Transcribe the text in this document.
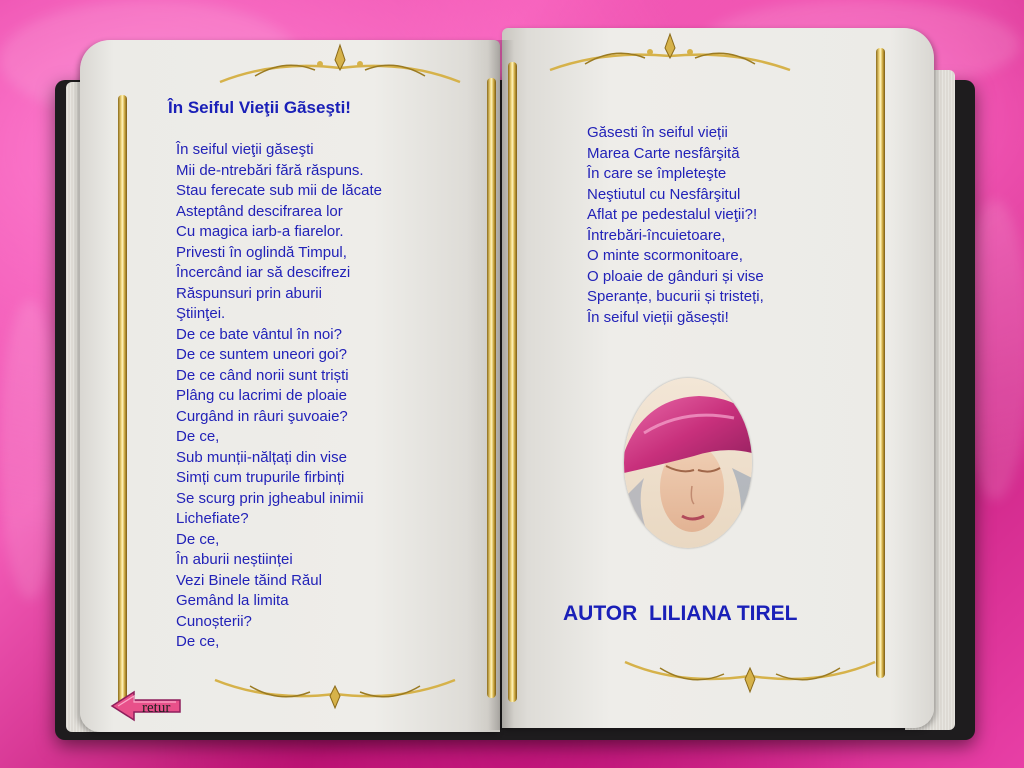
În Seiful Vieţii Gãseşti!
În seiful vieţii găseşti
Mii de-ntrebări fără răspuns.
Stau ferecate sub mii de lăcate
Asteptând descifrarea lor
Cu magica iarb-a fiarelor.
Privesti în oglindă Timpul,
Încercând iar să descifrezi
Răspunsuri prin aburii
Ştiinţei.
De ce bate vântul în noi?
De ce suntem uneori goi?
De ce când norii sunt triști
Plâng cu lacrimi de ploaie
Curgând in râuri şuvoaie?
De ce,
Sub munții-nălțați din vise
Simți cum trupurile firbinți
Se scurg prin jgheabul inimii
Lichefiate?
De ce,
În aburii neștiinței
Vezi Binele tăind Răul
Gemând la limita
Cunoșterii?
De ce,
Găsesti în seiful vieții
Marea Carte nesfârşită
În care se împleteşte
Neştiutul cu Nesfârşitul
Aflat pe pedestalul vieţii?!
Întrebări-încuietoare,
O minte scormonitoare,
O ploaie de gânduri și vise
Speranțe, bucurii și tristeți,
În seiful vieții găsești!
AUTOR  LILIANA TIREL
retur
